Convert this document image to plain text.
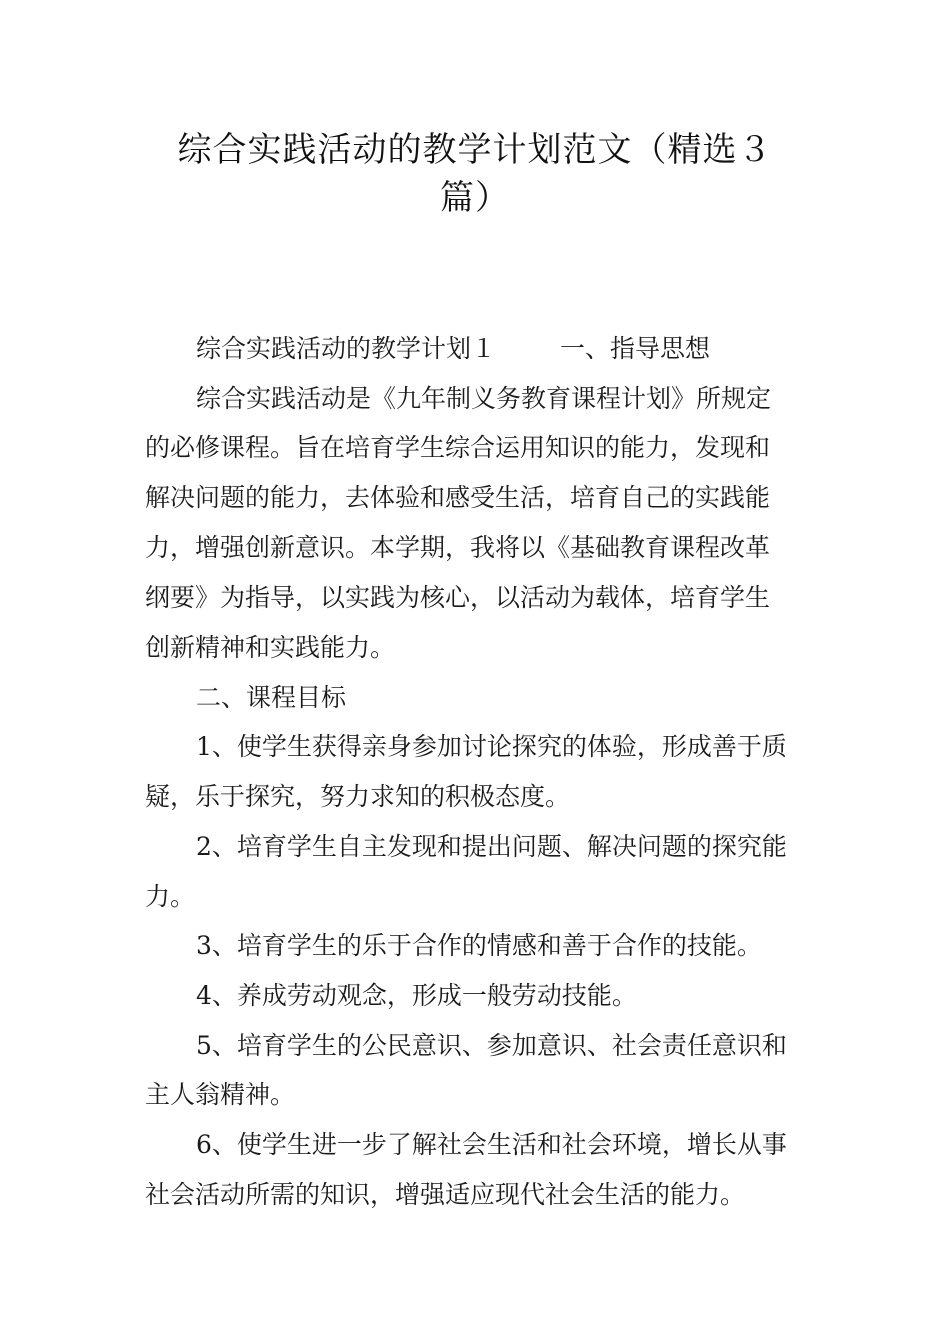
综合实践活动的教学计划范文（精选３
篇）
综合实践活动的教学计划１	一、指导思想
综合实践活动是《九年制义务教育课程计划》所规定
的必修课程。旨在培育学生综合运用知识的能力，发现和
解决问题的能力，去体验和感受生活，培育自己的实践能
力，增强创新意识。本学期，我将以《基础教育课程改革
纲要》为指导，以实践为核心，以活动为载体，培育学生
创新精神和实践能力。
二、课程目标
1、使学生获得亲身参加讨论探究的体验，形成善于质
疑，乐于探究，努力求知的积极态度。
2、培育学生自主发现和提出问题、解决问题的探究能
力。
3、培育学生的乐于合作的情感和善于合作的技能。
4、养成劳动观念，形成一般劳动技能。
5、培育学生的公民意识、参加意识、社会责任意识和
主人翁精神。
6、使学生进一步了解社会生活和社会环境，增长从事
社会活动所需的知识，增强适应现代社会生活的能力。
